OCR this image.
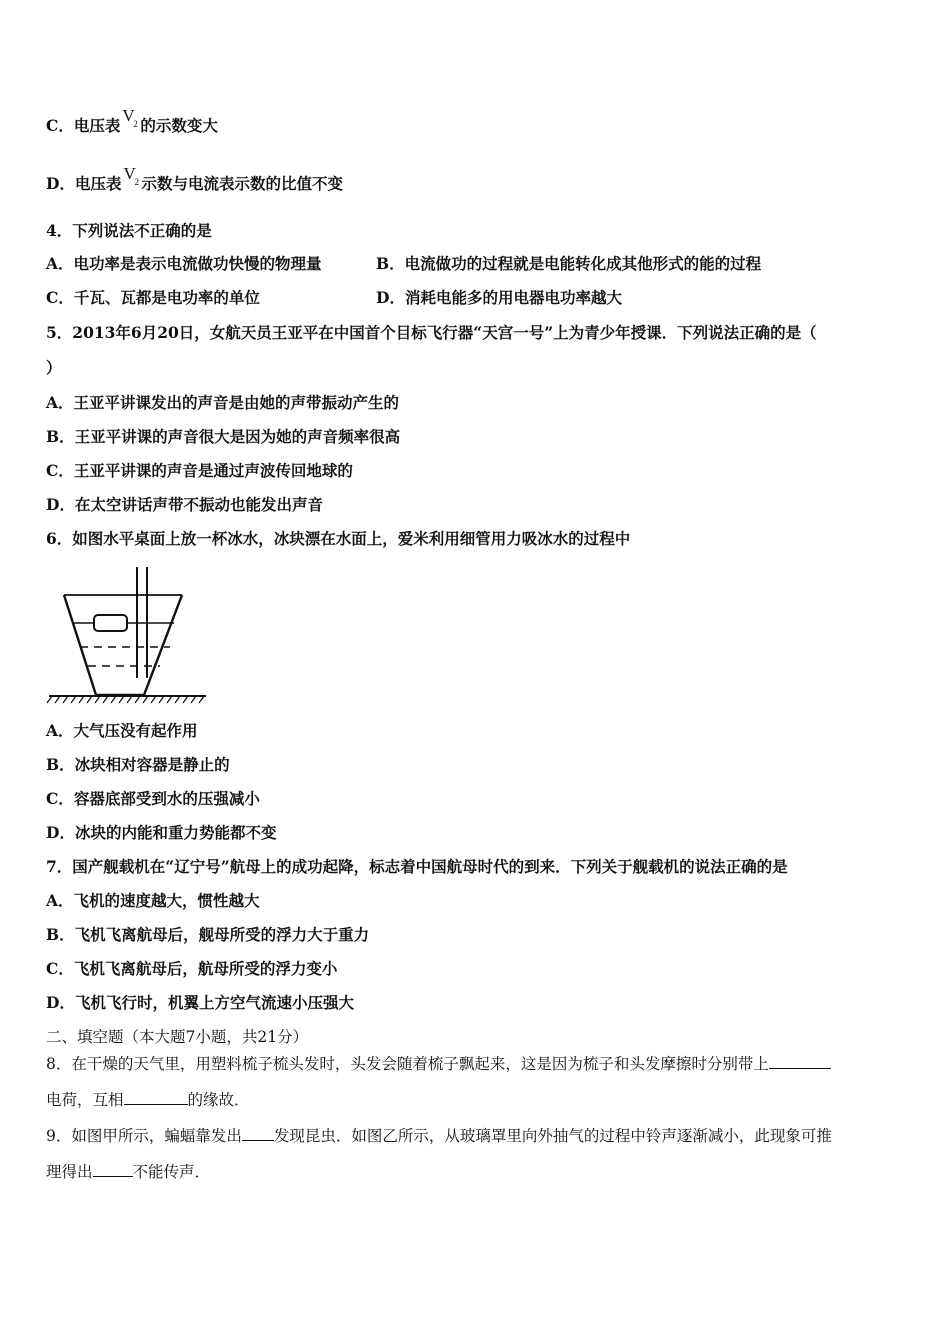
C．电压表
V
2 的示数变大
D．电压表
V
2 示数与电流表示数的比值不变
4．下列说法不正确的是
A．电功率是表示电流做功快慢的物理量	B．电流做功的过程就是电能转化成其他形式的能的过程
C．千瓦、瓦都是电功率的单位	D．消耗电能多的用电器电功率越大
5．2013年6月20日，女航天员王亚平在中国首个目标飞行器“天宫一号”上为青少年授课．下列说法正确的是（
）
A．王亚平讲课发出的声音是由她的声带振动产生的
B．王亚平讲课的声音很大是因为她的声音频率很高
C．王亚平讲课的声音是通过声波传回地球的
D．在太空讲话声带不振动也能发出声音
6．如图水平桌面上放一杯冰水，冰块漂在水面上，爱米利用细管用力吸冰水的过程中
A．大气压没有起作用
B．冰块相对容器是静止的
C．容器底部受到水的压强减小
D．冰块的内能和重力势能都不变
7．国产舰载机在“辽宁号”航母上的成功起降，标志着中国航母时代的到来．下列关于舰载机的说法正确的是
A．飞机的速度越大，惯性越大
B．飞机飞离航母后，舰母所受的浮力大于重力
C．飞机飞离航母后，航母所受的浮力变小
D．飞机飞行时，机翼上方空气流速小压强大
二、填空题（本大题7小题，共21分）
8．在干燥的天气里，用塑料梳子梳头发时，头发会随着梳子飘起来，这是因为梳子和头发摩擦时分别带上
电荷，互相	的缘故．
9．如图甲所示，蝙蝠靠发出 发现昆虫．如图乙所示，从玻璃罩里向外抽气的过程中铃声逐渐减小，此现象可推
理得出	不能传声．
